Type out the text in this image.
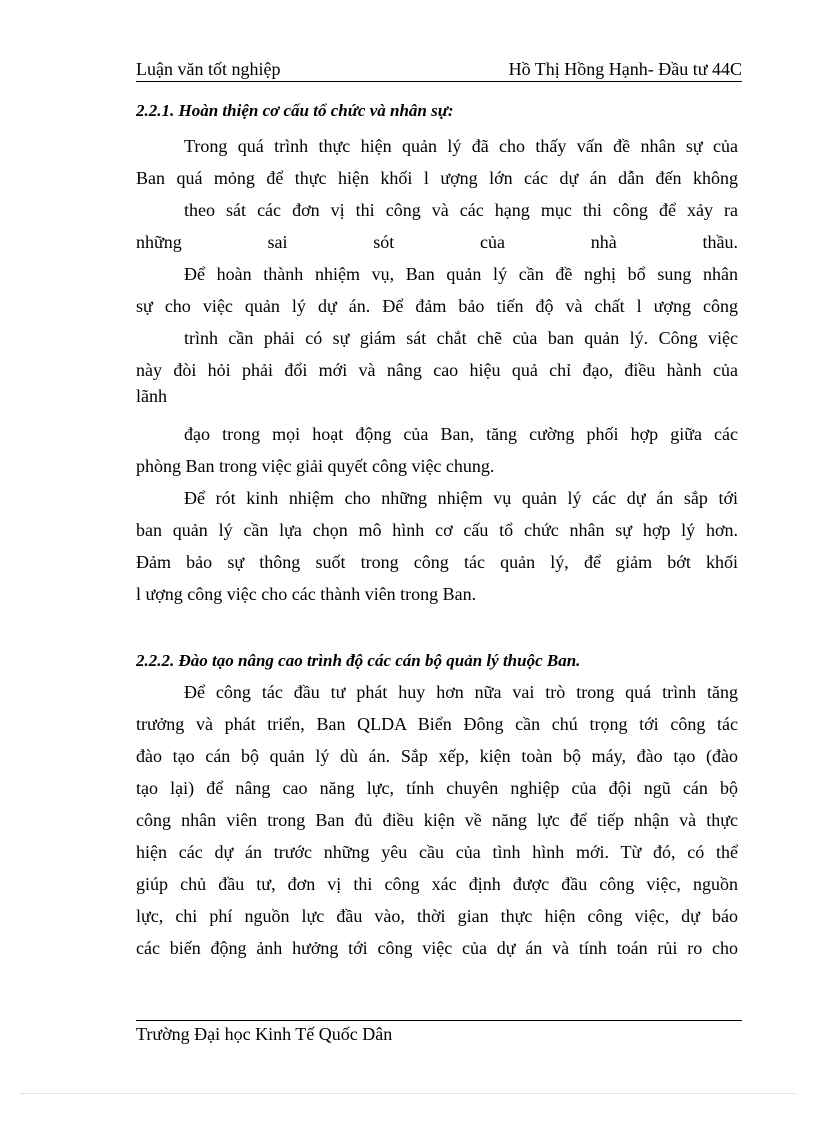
Luận văn tốt nghiệp	Hồ Thị Hồng Hạnh- Đầu tư 44C
2.2.1. Hoàn thiện cơ cấu tổ chức và nhân sự:
Trong quá trình thực hiện quản lý đã cho thấy vấn đề nhân sự của
Ban quá mỏng để thực hiện khối l ượng lớn các dự án dẫn đến không
theo sát các đơn vị thi công và các hạng mục thi công để xảy ra
những sai sót của nhà thầu.
Để hoàn thành nhiệm vụ, Ban quản lý cần đề nghị bổ sung nhân
sự cho việc quản lý dự án. Để đảm bảo tiến độ và chất l ượng công
trình cần phải có sự giám sát chắt chẽ của ban quản lý. Công việc
này đòi hỏi phải đổi mới và nâng cao hiệu quả chỉ đạo, điều hành của
lãnh
đạo trong mọi hoạt động của Ban, tăng cường phối hợp giữa các
phòng Ban trong việc giải quyết công việc chung.
Để rót kinh nhiệm cho những nhiệm vụ quản lý các dự án sắp tới
ban quản lý cần lựa chọn mô hình cơ cấu tổ chức nhân sự hợp lý hơn.
Đảm bảo sự thông suốt trong công tác quản lý, để giảm bớt khối
l ượng công việc cho các thành viên trong Ban.
2.2.2. Đào tạo nâng cao trình độ các cán bộ quản lý thuộc Ban.
Để công tác đầu tư phát huy hơn nữa vai trò trong quá trình tăng
trưởng và phát triển, Ban QLDA Biển Đông cần chú trọng tới công tác
đào tạo cán bộ quản lý dù án. Sắp xếp, kiện toàn bộ máy, đào tạo (đào
tạo lại) để nâng cao năng lực, tính chuyên nghiệp của đội ngũ cán bộ
công nhân viên trong Ban đủ điều kiện về năng lực để tiếp nhận và thực
hiện các dự án trước những yêu cầu của tình hình mới. Từ đó, có thể
giúp chủ đầu tư, đơn vị thi công xác định được đầu công việc, nguồn
lực, chi phí nguồn lực đầu vào, thời gian thực hiện công việc, dự báo
các biến động ảnh hưởng tới công việc của dự án và tính toán rủi ro cho
Trường Đại học Kinh Tế Quốc Dân
